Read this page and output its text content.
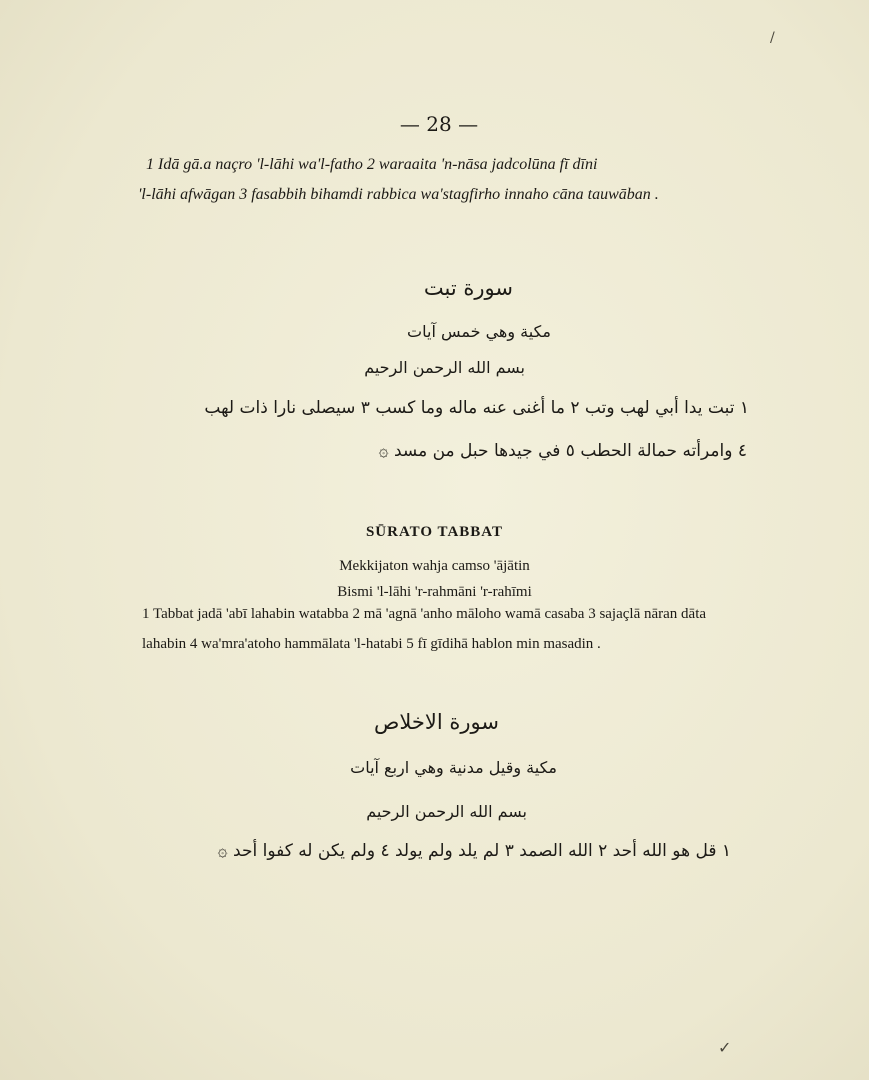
— 28 —
1 Idā gā.a naçro 'l-lāhi wa'l-fatho 2 waraaita 'n-nāsa jadcolūna fī dīni
'l-lāhi afwāgan 3 fasabbih bihamdi rabbica wa'stagfirho innaho cāna tauwāban .
سورة تبت
مكية وهي خمس آيات
بسم الله الرحمن الرحيم
١ تبت يدا أبي لهب وتب ٢ ما أغنى عنه ماله وما كسب ٣ سيصلى نارا ذات لهب
٤ وامرأته حمالة الحطب ٥ في جيدها حبل من مسد ۞
SŪRATO TABBAT
Mekkijaton wahja camso 'ājātin
Bismi 'l-lāhi 'r-rahmāni 'r-rahīmi
1 Tabbat jadā 'abī lahabin watabba 2 mā 'agnā 'anho māloho wamā casaba 3 sajaçlā nāran dāta
lahabin 4 wa'mra'atoho hammālata 'l-hatabi 5 fī gīdihā hablon min masadin .
سورة الاخلاص
مكية وقيل مدنية وهي اربع آيات
بسم الله الرحمن الرحيم
١ قل هو الله أحد ٢ الله الصمد ٣ لم يلد ولم يولد ٤ ولم يكن له كفوا أحد ۞
/
✓
